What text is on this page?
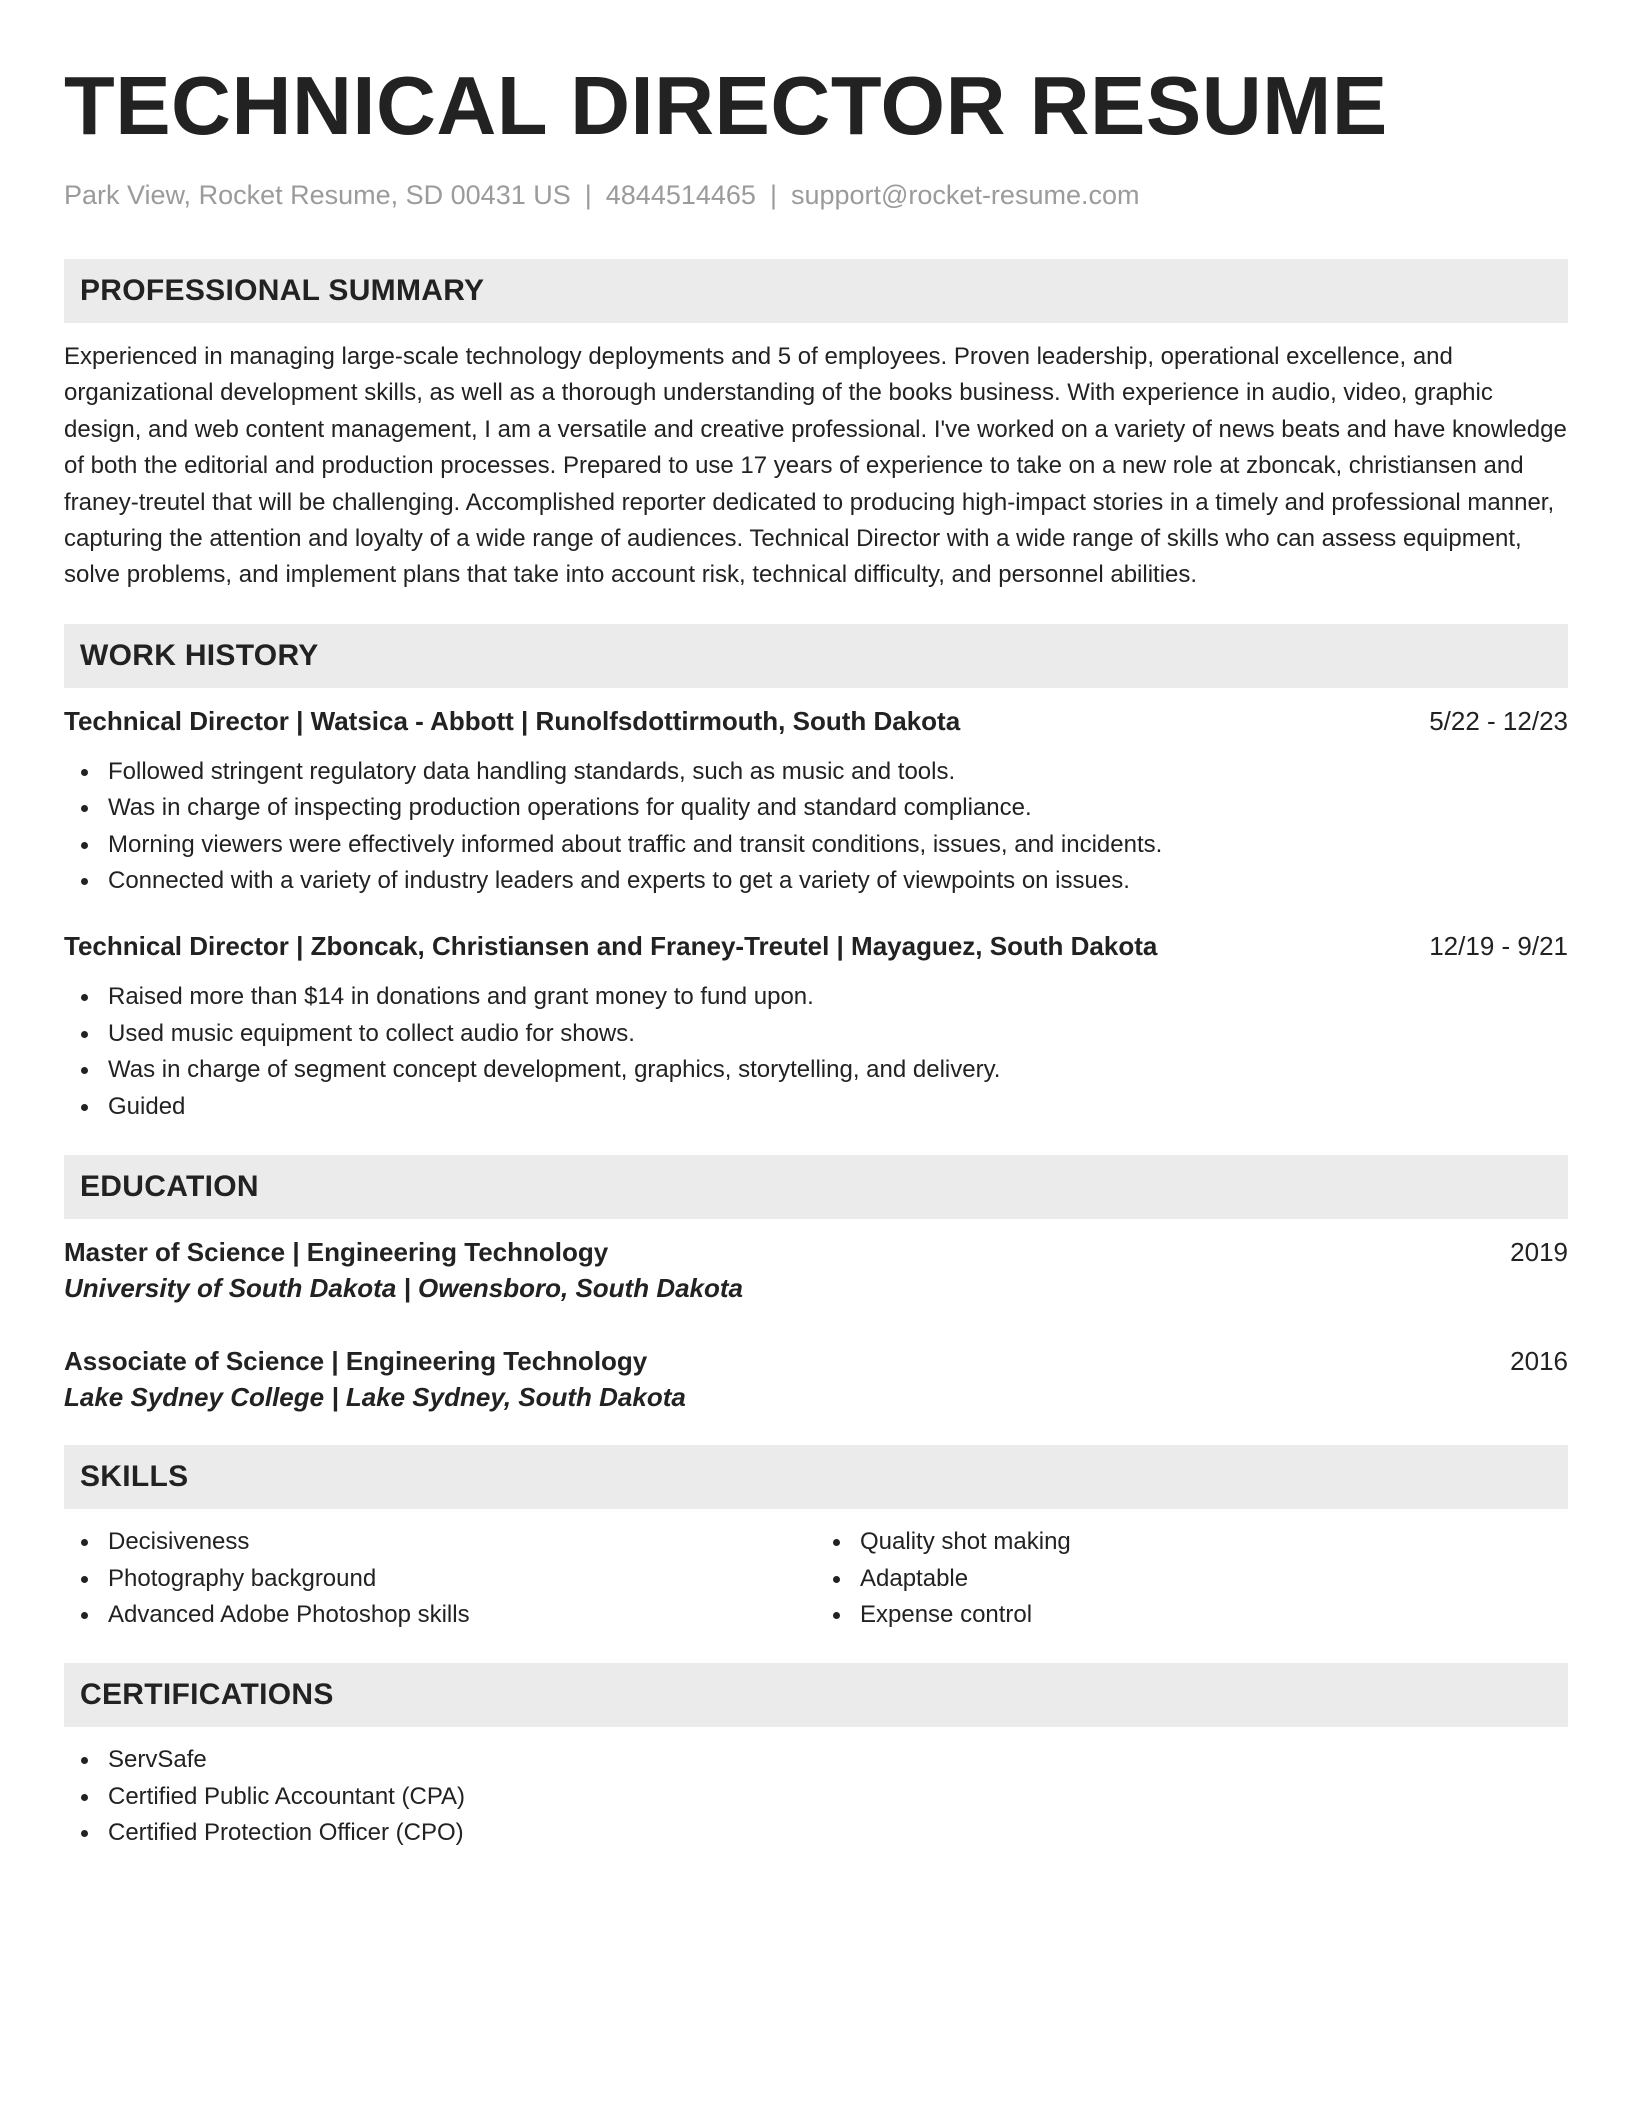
TECHNICAL DIRECTOR RESUME
Park View, Rocket Resume, SD 00431 US | 4844514465 | support@rocket-resume.com
PROFESSIONAL SUMMARY

Experienced in managing large-scale technology deployments and 5 of employees. Proven leadership, operational excellence, and organizational development skills, as well as a thorough understanding of the books business. With experience in audio, video, graphic design, and web content management, I am a versatile and creative professional. I've worked on a variety of news beats and have knowledge of both the editorial and production processes. Prepared to use 17 years of experience to take on a new role at zboncak, christiansen and franey-treutel that will be challenging. Accomplished reporter dedicated to producing high-impact stories in a timely and professional manner, capturing the attention and loyalty of a wide range of audiences. Technical Director with a wide range of skills who can assess equipment, solve problems, and implement plans that take into account risk, technical difficulty, and personnel abilities.

WORK HISTORY
Technical Director | Watsica - Abbott | Runolfsdottirmouth, South Dakota	5/22 - 12/23
Followed stringent regulatory data handling standards, such as music and tools.
Was in charge of inspecting production operations for quality and standard compliance.
Morning viewers were effectively informed about traffic and transit conditions, issues, and incidents.
Connected with a variety of industry leaders and experts to get a variety of viewpoints on issues.
Technical Director | Zboncak, Christiansen and Franey-Treutel | Mayaguez, South Dakota	12/19 - 9/21
Raised more than $14 in donations and grant money to fund upon.
Used music equipment to collect audio for shows.
Was in charge of segment concept development, graphics, storytelling, and delivery.
Guided
EDUCATION
Master of Science | Engineering Technology	2019
University of South Dakota | Owensboro, South Dakota
Associate of Science | Engineering Technology	2016
Lake Sydney College | Lake Sydney, South Dakota
SKILLS
Decisiveness
Photography background
Advanced Adobe Photoshop skills
Quality shot making
Adaptable
Expense control
CERTIFICATIONS
ServSafe
Certified Public Accountant (CPA)
Certified Protection Officer (CPO)
